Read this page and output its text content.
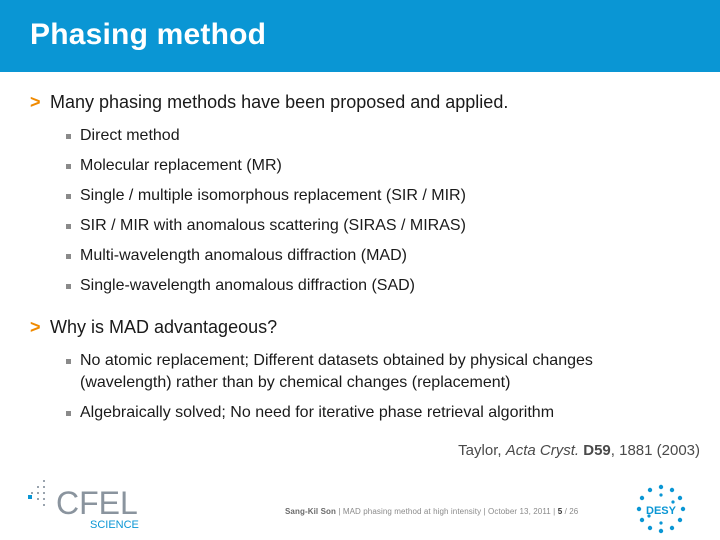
Phasing method
> Many phasing methods have been proposed and applied.
Direct method
Molecular replacement (MR)
Single / multiple isomorphous replacement (SIR / MIR)
SIR / MIR with anomalous scattering (SIRAS / MIRAS)
Multi-wavelength anomalous diffraction (MAD)
Single-wavelength anomalous diffraction (SAD)
> Why is MAD advantageous?
No atomic replacement; Different datasets obtained by physical changes
(wavelength) rather than by chemical changes (replacement)
Algebraically solved; No need for iterative phase retrieval algorithm
Taylor, Acta Cryst. D59, 1881 (2003)
CFEL
SCIENCE
Sang-Kil Son | MAD phasing method at high intensity | October 13, 2011 | 5 / 26	DESY
